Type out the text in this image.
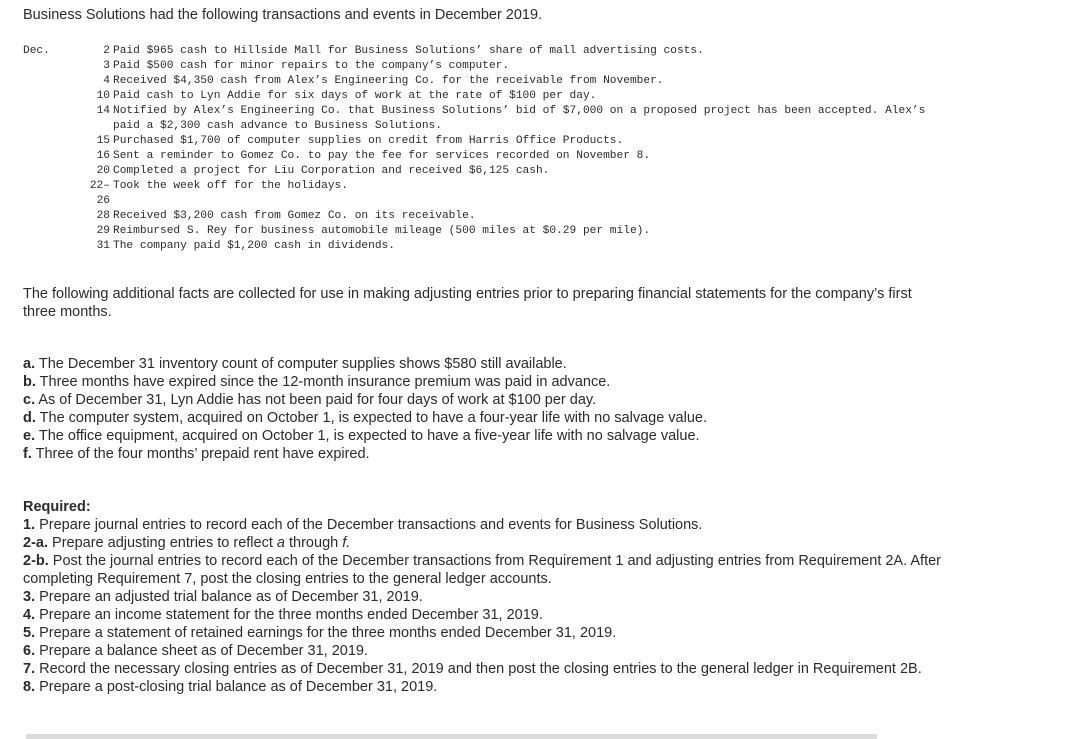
Business Solutions had the following transactions and events in December 2019.
Dec.	2 Paid $965 cash to Hillside Mall for Business Solutions’ share of mall advertising costs.
3 Paid $500 cash for minor repairs to the company’s computer.
4 Received $4,350 cash from Alex’s Engineering Co. for the receivable from November.
10 Paid cash to Lyn Addie for six days of work at the rate of $100 per day.
14 Notified by Alex’s Engineering Co. that Business Solutions’ bid of $7,000 on a proposed project has been accepted. Alex’s
paid a $2,300 cash advance to Business Solutions.
15 Purchased $1,700 of computer supplies on credit from Harris Office Products.
16 Sent a reminder to Gomez Co. to pay the fee for services recorded on November 8.
20 Completed a project for Liu Corporation and received $6,125 cash.
22– Took the week off for the holidays.
26
28 Received $3,200 cash from Gomez Co. on its receivable.
29 Reimbursed S. Rey for business automobile mileage (500 miles at $0.29 per mile).
31 The company paid $1,200 cash in dividends.
The following additional facts are collected for use in making adjusting entries prior to preparing financial statements for the company’s first three months.
a. The December 31 inventory count of computer supplies shows $580 still available.
b. Three months have expired since the 12-month insurance premium was paid in advance.
c. As of December 31, Lyn Addie has not been paid for four days of work at $100 per day.
d. The computer system, acquired on October 1, is expected to have a four-year life with no salvage value.
e. The office equipment, acquired on October 1, is expected to have a five-year life with no salvage value.
f. Three of the four months’ prepaid rent have expired.
Required:
1. Prepare journal entries to record each of the December transactions and events for Business Solutions.
2-a. Prepare adjusting entries to reflect a through f.
2-b. Post the journal entries to record each of the December transactions from Requirement 1 and adjusting entries from Requirement 2A. After completing Requirement 7, post the closing entries to the general ledger accounts.
3. Prepare an adjusted trial balance as of December 31, 2019.
4. Prepare an income statement for the three months ended December 31, 2019.
5. Prepare a statement of retained earnings for the three months ended December 31, 2019.
6. Prepare a balance sheet as of December 31, 2019.
7. Record the necessary closing entries as of December 31, 2019 and then post the closing entries to the general ledger in Requirement 2B.
8. Prepare a post-closing trial balance as of December 31, 2019.
